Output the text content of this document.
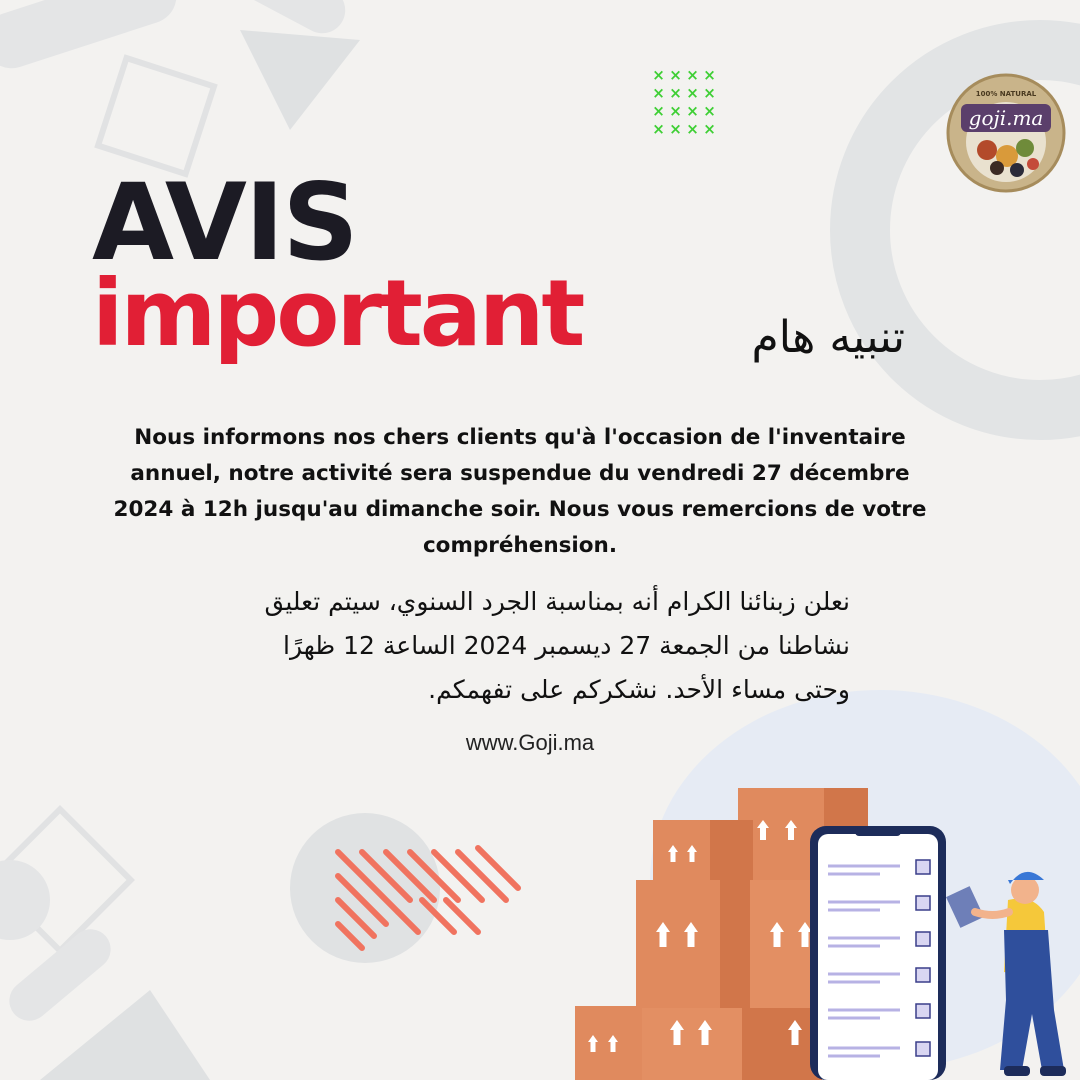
× × × ×
× × × ×
× × × ×
× × × ×	goji.ma
100% NATURAL
AVIS
important	تنبيه هام

Nous informons nos chers clients qu'à l'occasion de l'inventaire annuel, notre activité sera suspendue du vendredi 27 décembre 2024 à 12h jusqu'au dimanche soir. Nous vous remercions de votre compréhension.

نعلن زبنائنا الكرام أنه بمناسبة الجرد السنوي، سيتم تعليق نشاطنا من الجمعة 27 ديسمبر 2024 الساعة 12 ظهرًا وحتى مساء الأحد. نشكركم على تفهمكم.

www.Goji.ma
